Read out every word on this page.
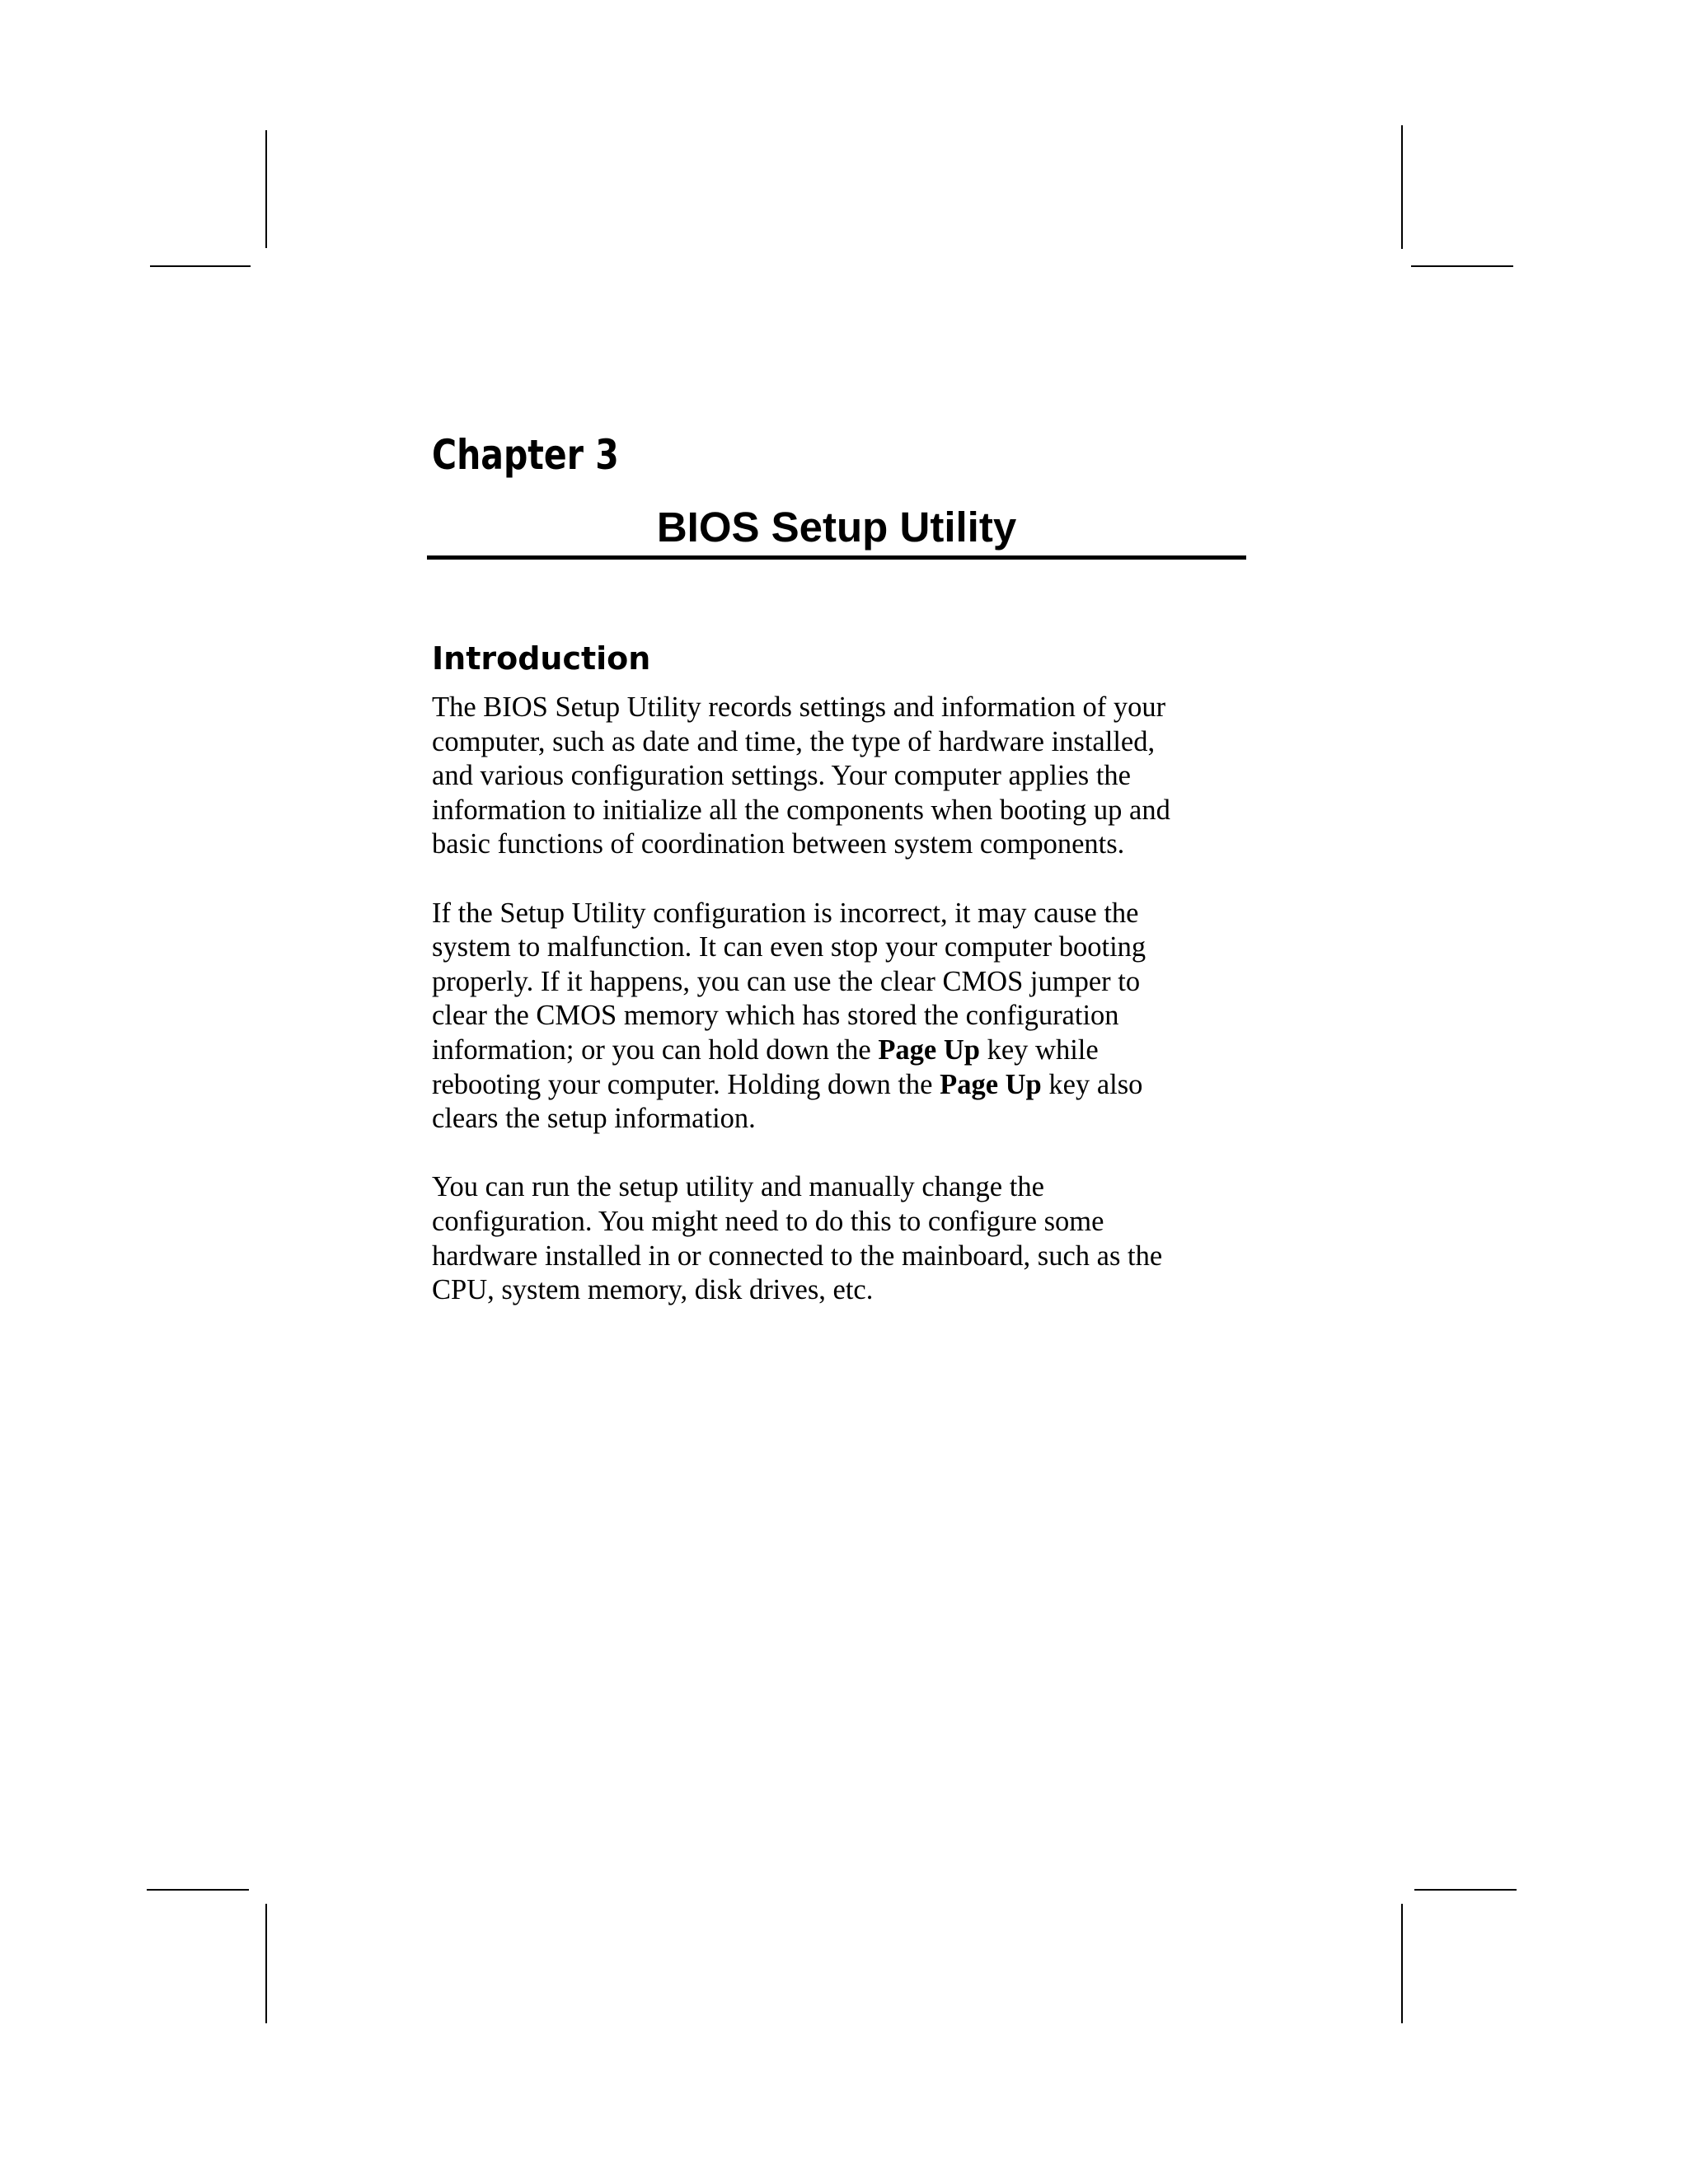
Chapter 3
BIOS Setup Utility
Introduction

The BIOS Setup Utility records settings and information of your
computer, such as date and time, the type of hardware installed,
and various configuration settings. Your computer applies the
information to initialize all the components when booting up and
basic functions of coordination between system components.

If the Setup Utility configuration is incorrect, it may cause the
system to malfunction. It can even stop your computer booting
properly. If it happens, you can use the clear CMOS jumper to
clear the CMOS memory which has stored the configuration
information; or you can hold down the Page Up key while
rebooting your computer. Holding down the Page Up key also
clears the setup information.

You can run the setup utility and manually change the
configuration. You might need to do this to configure some
hardware installed in or connected to the mainboard, such as the
CPU, system memory, disk drives, etc.
